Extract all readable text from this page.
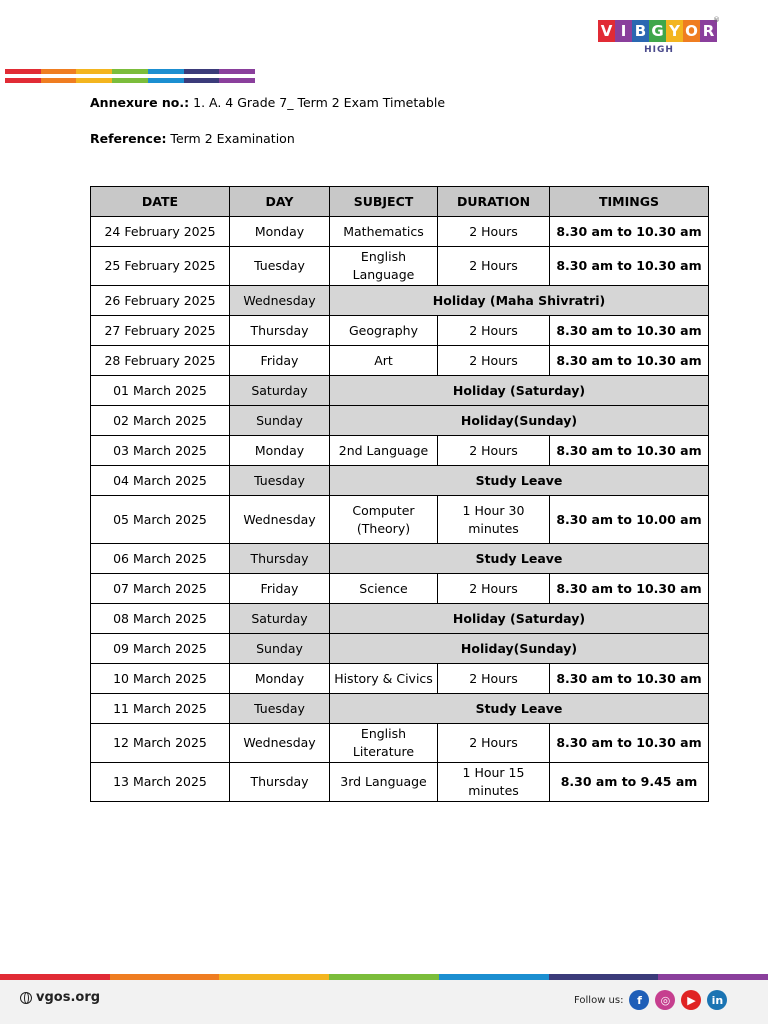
V I B G Y O R
HIGH
®
Annexure no.: 1. A. 4 Grade 7_ Term 2 Exam Timetable
Reference: Term 2 Examination
DATE	DAY	SUBJECT	DURATION	TIMINGS
24 February 2025	Monday	Mathematics	2 Hours	8.30 am to 10.30 am
25 February 2025	Tuesday	English Language	2 Hours	8.30 am to 10.30 am
26 February 2025	Wednesday	Holiday (Maha Shivratri)		
27 February 2025	Thursday	Geography	2 Hours	8.30 am to 10.30 am
28 February 2025	Friday	Art	2 Hours	8.30 am to 10.30 am
01 March 2025	Saturday	Holiday (Saturday)		
02 March 2025	Sunday	Holiday(Sunday)		
03 March 2025	Monday	2nd Language	2 Hours	8.30 am to 10.30 am
04 March 2025	Tuesday	Study Leave		
05 March 2025	Wednesday	Computer (Theory)	1 Hour 30 minutes	8.30 am to 10.00 am
06 March 2025	Thursday	Study Leave		
07 March 2025	Friday	Science	2 Hours	8.30 am to 10.30 am
08 March 2025	Saturday	Holiday (Saturday)		
09 March 2025	Sunday	Holiday(Sunday)		
10 March 2025	Monday	History & Civics	2 Hours	8.30 am to 10.30 am
11 March 2025	Tuesday	Study Leave		
12 March 2025	Wednesday	English Literature	2 Hours	8.30 am to 10.30 am
13 March 2025	Thursday	3rd Language	1 Hour 15 minutes	8.30 am to 9.45 am
vgos.org	Follow us:	f	◎	▶	in
